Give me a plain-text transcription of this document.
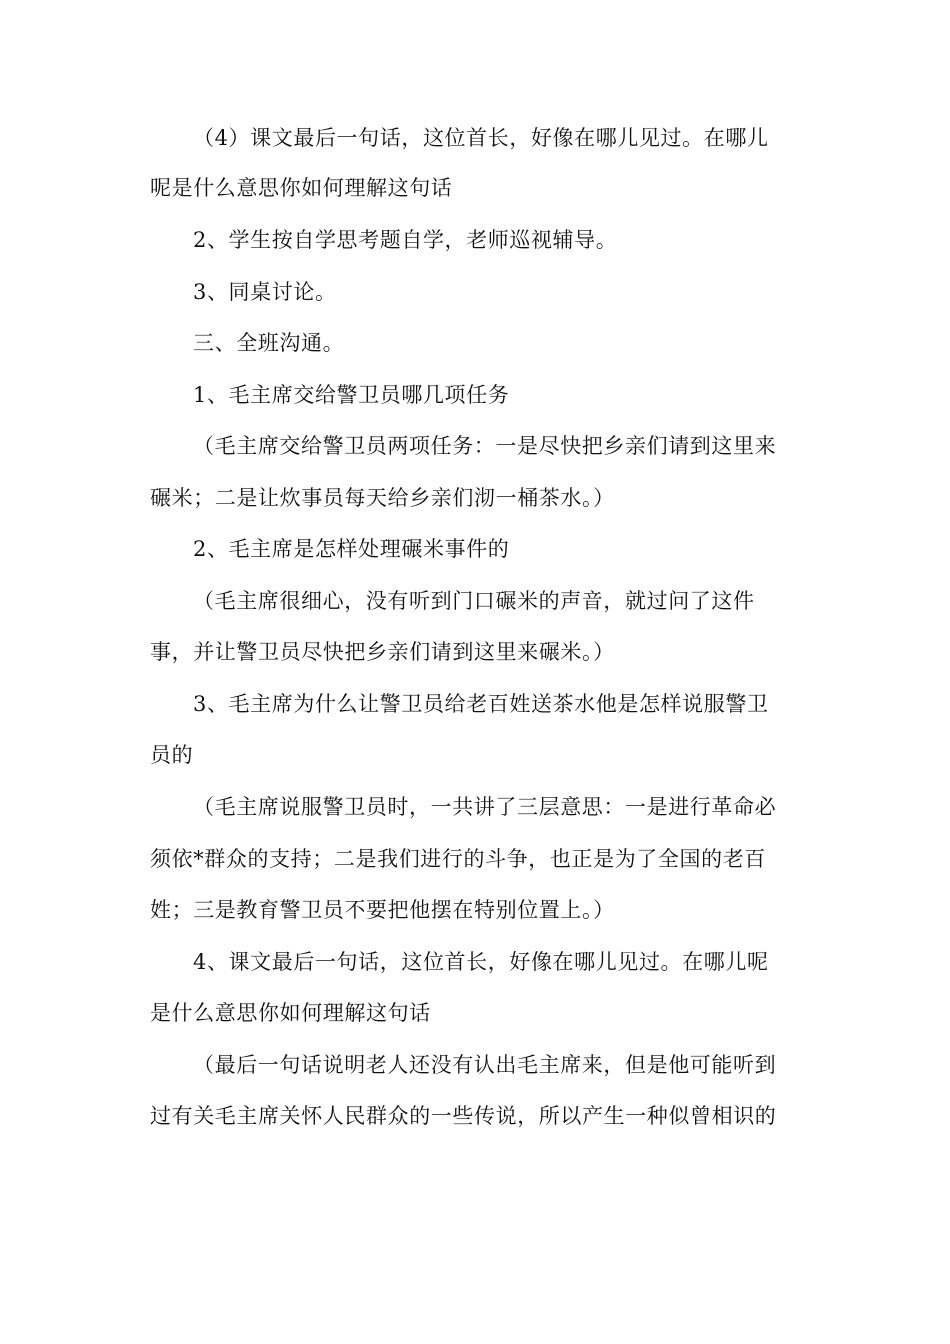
（4）课文最后一句话，这位首长，好像在哪儿见过。在哪儿
呢是什么意思你如何理解这句话
2、学生按自学思考题自学，老师巡视辅导。
3、同桌讨论。
三、全班沟通。
1、毛主席交给警卫员哪几项任务
（毛主席交给警卫员两项任务：一是尽快把乡亲们请到这里来
碾米；二是让炊事员每天给乡亲们沏一桶茶水。）
2、毛主席是怎样处理碾米事件的
（毛主席很细心，没有听到门口碾米的声音，就过问了这件
事，并让警卫员尽快把乡亲们请到这里来碾米。）
3、毛主席为什么让警卫员给老百姓送茶水他是怎样说服警卫
员的
（毛主席说服警卫员时，一共讲了三层意思：一是进行革命必
须依*群众的支持；二是我们进行的斗争，也正是为了全国的老百
姓；三是教育警卫员不要把他摆在特别位置上。）
4、课文最后一句话，这位首长，好像在哪儿见过。在哪儿呢
是什么意思你如何理解这句话
（最后一句话说明老人还没有认出毛主席来，但是他可能听到
过有关毛主席关怀人民群众的一些传说，所以产生一种似曾相识的
